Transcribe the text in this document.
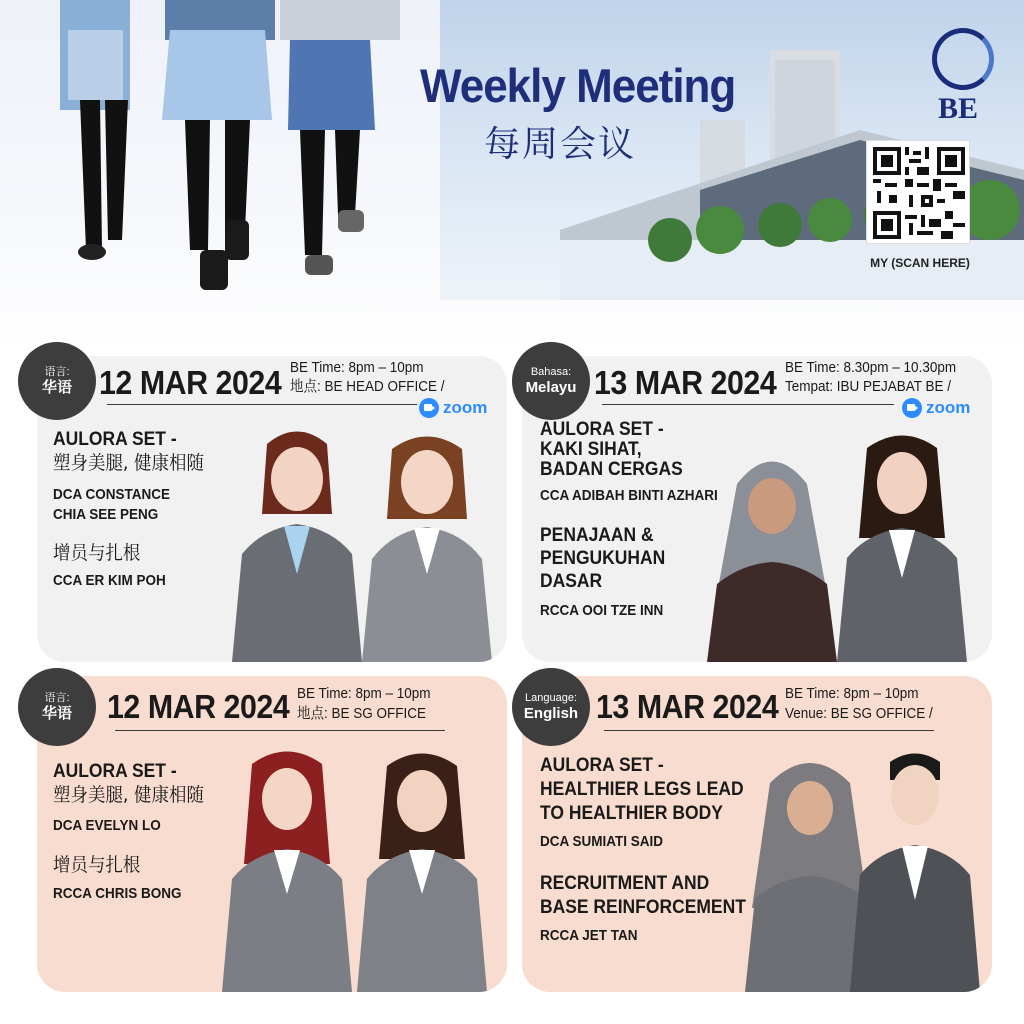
Weekly Meeting
每周会议
BE
MY (SCAN HERE)
12 MAR 2024 BE Time: 8pm – 10pm
地点: BE HEAD OFFICE /
zoom
AULORA SET -
塑身美腿, 健康相随
DCA CONSTANCE
CHIA SEE PENG
增员与扎根
CCA ER KIM POH
语言:
华语	13 MAR 2024 BE Time: 8.30pm – 10.30pm
Tempat: IBU PEJABAT BE /
zoom
AULORA SET -
KAKI SIHAT,
BADAN CERGAS
CCA ADIBAH BINTI AZHARI
PENAJAAN &
PENGUKUHAN
DASAR
RCCA OOI TZE INN
Bahasa:
Melayu
12 MAR 2024 BE Time: 8pm – 10pm
地点: BE SG OFFICE
AULORA SET -
塑身美腿, 健康相随
DCA EVELYN LO
增员与扎根
RCCA CHRIS BONG
语言:
华语	13 MAR 2024 BE Time: 8pm – 10pm
Venue: BE SG OFFICE /
AULORA SET -
HEALTHIER LEGS LEAD
TO HEALTHIER BODY
DCA SUMIATI SAID
RECRUITMENT AND
BASE REINFORCEMENT
RCCA JET TAN
Language:
English
